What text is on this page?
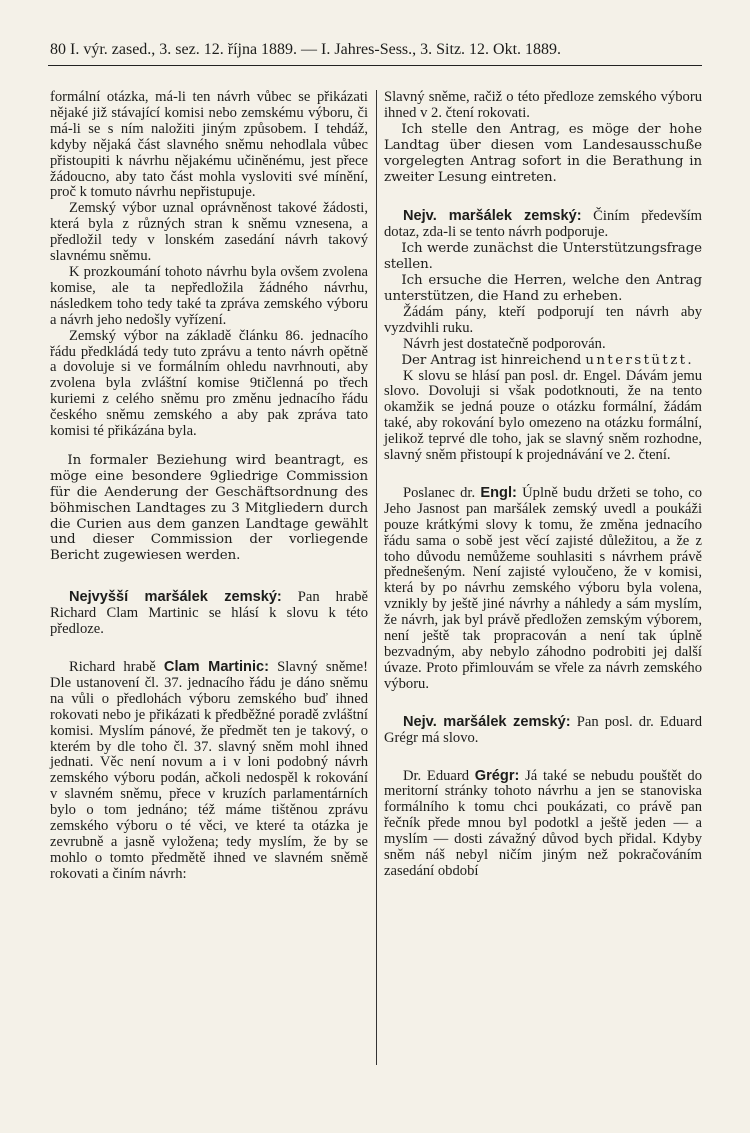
80 I. výr. zased., 3. sez. 12. října 1889. — I. Jahres-Sess., 3. Sitz. 12. Okt. 1889.

formální otázka, má-li ten návrh vůbec se přikázati nějaké již stávající komisi nebo zemskému výboru, či má-li se s ním naložiti jiným způsobem. I tehdáž, kdyby nějaká část slavného sněmu nehodlala vůbec přistoupiti k návrhu nějakému učiněnému, jest přece žádoucno, aby tato část mohla vysloviti své mínění, proč k tomuto návrhu nepřistupuje.

Zemský výbor uznal oprávněnost takové žádosti, která byla z různých stran k sněmu vznesena, a předložil tedy v lonském zasedání návrh takový slavnému sněmu.

K prozkoumání tohoto návrhu byla ovšem zvolena komise, ale ta nepředložila žádného návrhu, následkem toho tedy také ta zpráva zemského výboru a návrh jeho nedošly vyřízení.

Zemský výbor na základě článku 86. jednacího řádu předkládá tedy tuto zprávu a tento návrh opětně a dovoluje si ve formálním ohledu navrhnouti, aby zvolena byla zvláštní komise 9tičlenná po třech kuriemi z celého sněmu pro změnu jednacího řádu českého sněmu zemského a aby pak zpráva tato komisi té přikázána byla.

In formaler Beziehung wird beantragt, es möge eine besondere 9gliedrige Commission für die Aenderung der Geschäftsordnung des böhmischen Landtages zu 3 Mitgliedern durch die Curien aus dem ganzen Landtage gewählt und dieser Commission der vorliegende Bericht zugewiesen werden.

Nejvyšší maršálek zemský: Pan hrabě Richard Clam Martinic se hlásí k slovu k této předloze.

Richard hrabě Clam Martinic: Slavný sněme! Dle ustanovení čl. 37. jednacího řádu je dáno sněmu na vůli o předlohách výboru zemského buď ihned rokovati nebo je přikázati k předběžné poradě zvláštní komisi. Myslím pánové, že předmět ten je takový, o kterém by dle toho čl. 37. slavný sněm mohl ihned jednati. Věc není novum a i v loni podobný návrh zemského výboru podán, ačkoli nedospěl k rokování v slavném sněmu, přece v kruzích parlamentárních bylo o tom jednáno; též máme tištěnou zprávu zemského výboru o té věci, ve které ta otázka je zevrubně a jasně vyložena; tedy myslím, že by se mohlo o tomto předmětě ihned ve slavném sněmě rokovati a činím návrh:

Slavný sněme, račiž o této předloze zemského výboru ihned v 2. čtení rokovati.

Ich stelle den Antrag, es möge der hohe Landtag über diesen vom Landesausschuße vorgelegten Antrag sofort in die Berathung in zweiter Lesung eintreten.

Nejv. maršálek zemský: Činím především dotaz, zda-li se tento návrh podporuje.

Ich werde zunächst die Unterstützungsfrage stellen.

Ich ersuche die Herren, welche den Antrag unterstützen, die Hand zu erheben.

Žádám pány, kteří podporují ten návrh aby vyzdvihli ruku.

Návrh jest dostatečně podporován.

Der Antrag ist hinreichend unterstützt.

K slovu se hlásí pan posl. dr. Engel. Dávám jemu slovo. Dovoluji si však podotknouti, že na tento okamžik se jedná pouze o otázku formální, žádám také, aby rokování bylo omezeno na otázku formální, jelikož teprvé dle toho, jak se slavný sněm rozhodne, slavný sněm přistoupí k projednávání ve 2. čtení.

Poslanec dr. Engl: Úplně budu držeti se toho, co Jeho Jasnost pan maršálek zemský uvedl a poukáži pouze krátkými slovy k tomu, že změna jednacího řádu sama o sobě jest věcí zajisté důležitou, a že z toho důvodu nemůžeme souhlasiti s návrhem právě přednešeným. Není zajisté vyloučeno, že v komisi, která by po návrhu zemského výboru byla volena, vznikly by ještě jiné návrhy a náhledy a sám myslím, že návrh, jak byl právě předložen zemským výborem, není ještě tak propracován a není tak úplně bezvadným, aby nebylo záhodno podrobiti jej další úvaze. Proto přimlouvám se vřele za návrh zemského výboru.

Nejv. maršálek zemský: Pan posl. dr. Eduard Grégr má slovo.

Dr. Eduard Grégr: Já také se nebudu pouštět do meritorní stránky tohoto návrhu a jen se stanoviska formálního k tomu chci poukázati, co právě pan řečník přede mnou byl podotkl a ještě jeden — a myslím — dosti závažný důvod bych přidal. Kdyby sněm náš nebyl ničím jiným než pokračováním zasedání období
